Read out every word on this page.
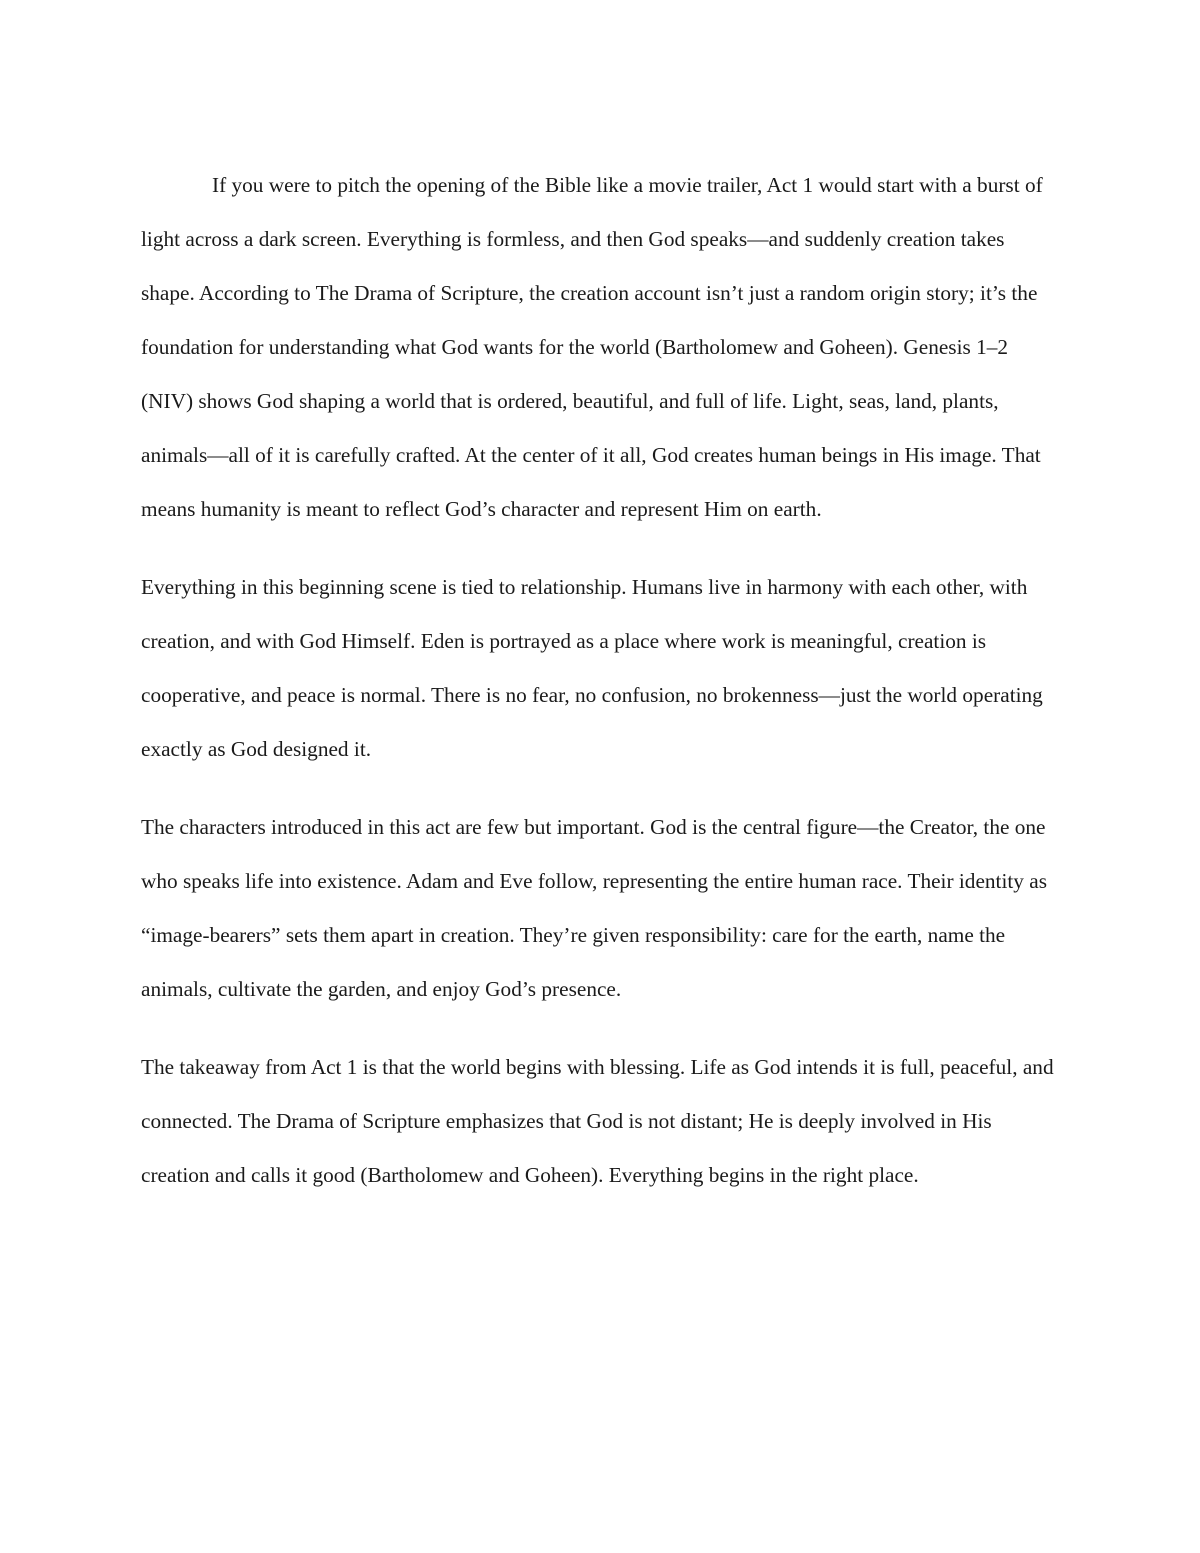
If you were to pitch the opening of the Bible like a movie trailer, Act 1 would start with a burst of light across a dark screen. Everything is formless, and then God speaks—and suddenly creation takes shape. According to The Drama of Scripture, the creation account isn’t just a random origin story; it’s the foundation for understanding what God wants for the world (Bartholomew and Goheen). Genesis 1–2 (NIV) shows God shaping a world that is ordered, beautiful, and full of life. Light, seas, land, plants, animals—all of it is carefully crafted. At the center of it all, God creates human beings in His image. That means humanity is meant to reflect God’s character and represent Him on earth.

Everything in this beginning scene is tied to relationship. Humans live in harmony with each other, with creation, and with God Himself. Eden is portrayed as a place where work is meaningful, creation is cooperative, and peace is normal. There is no fear, no confusion, no brokenness—just the world operating exactly as God designed it.

The characters introduced in this act are few but important. God is the central figure—the Creator, the one who speaks life into existence. Adam and Eve follow, representing the entire human race. Their identity as “image-bearers” sets them apart in creation. They’re given responsibility: care for the earth, name the animals, cultivate the garden, and enjoy God’s presence.

The takeaway from Act 1 is that the world begins with blessing. Life as God intends it is full, peaceful, and connected. The Drama of Scripture emphasizes that God is not distant; He is deeply involved in His creation and calls it good (Bartholomew and Goheen). Everything begins in the right place.
